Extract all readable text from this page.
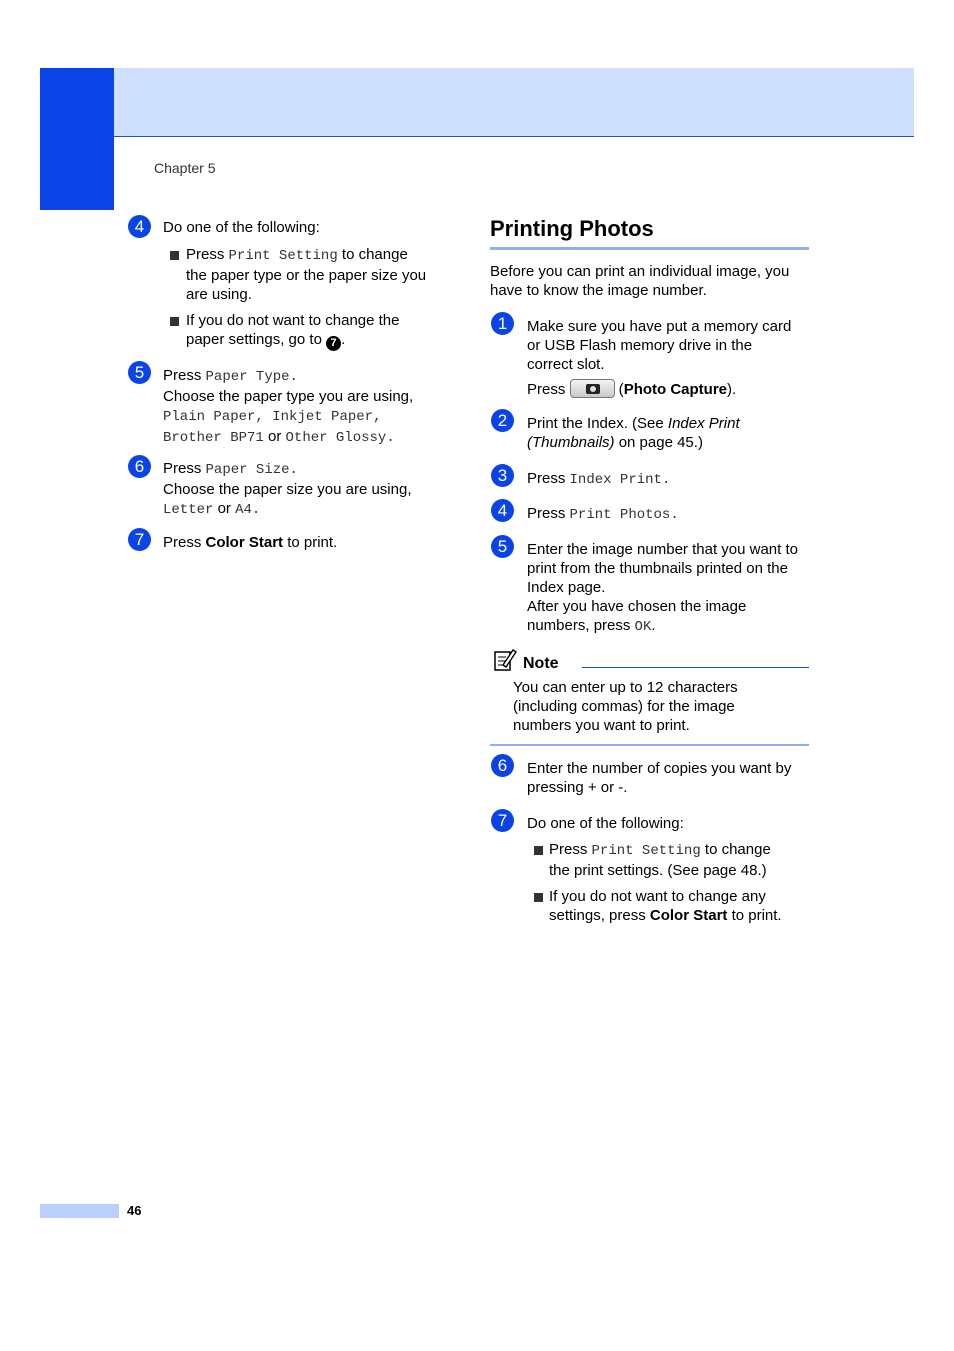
Chapter 5
4	Do one of the following:
Press Print Setting to change
the paper type or the paper size you
are using.
If you do not want to change the
paper settings, go to 7 .
5	Press Paper Type.
Choose the paper type you are using,
Plain Paper, Inkjet Paper,
Brother BP71 or Other Glossy.
6	Press Paper Size.
Choose the paper size you are using,
Letter or A4.
7	Press Color Start to print.
Printing Photos
Before you can print an individual image, you
have to know the image number.
1	Make sure you have put a memory card
or USB Flash memory drive in the
correct slot.
Press	(Photo Capture).
2	Print the Index. (See Index Print
(Thumbnails) on page 45.)
3	Press Index Print.
4	Press Print Photos.
5	Enter the image number that you want to
print from the thumbnails printed on the
Index page.
After you have chosen the image
numbers, press OK.
Note
You can enter up to 12 characters
(including commas) for the image
numbers you want to print.
6	Enter the number of copies you want by
pressing + or -.
7	Do one of the following:
Press Print Setting to change
the print settings. (See page 48.)
If you do not want to change any
settings, press Color Start to print.
46
